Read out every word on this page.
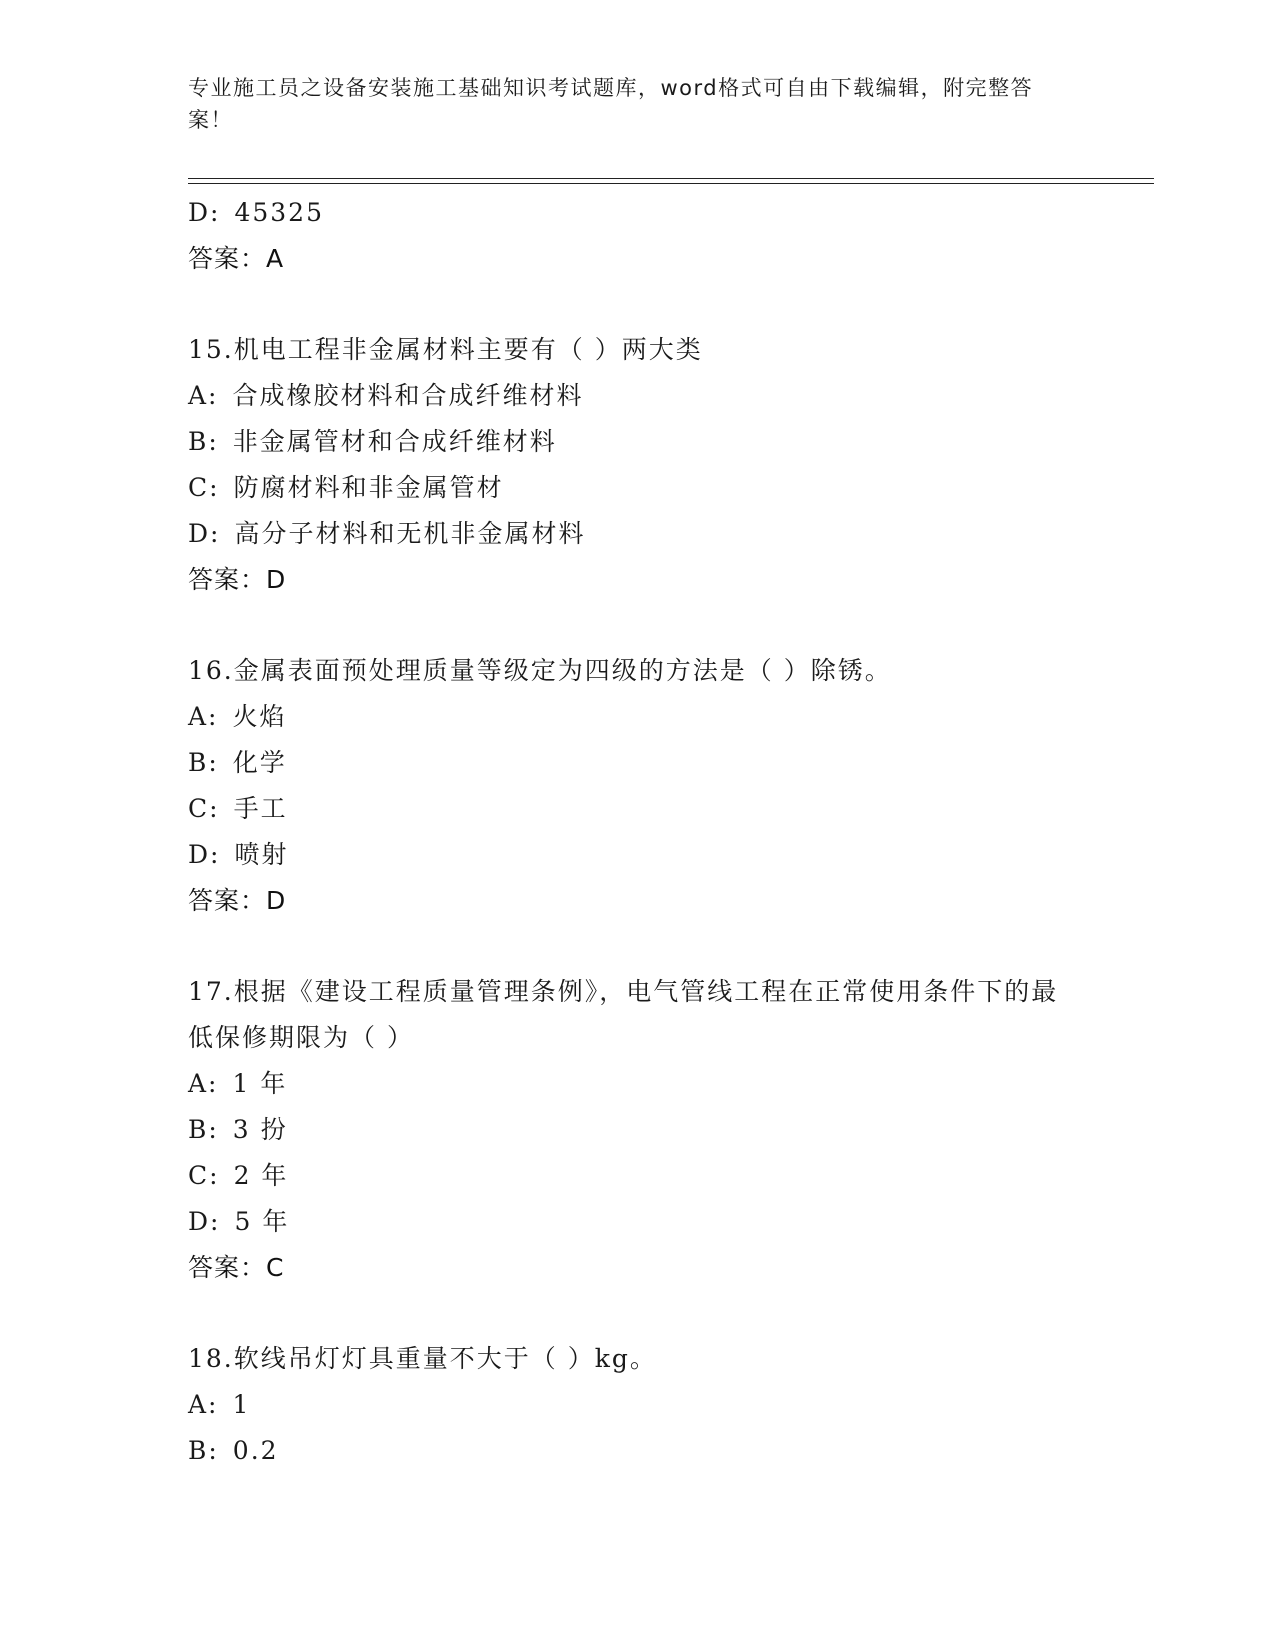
专业施工员之设备安装施工基础知识考试题库，word格式可自由下载编辑，附完整答案！
D: 45325
答案：A
15.机电工程非金属材料主要有（ ）两大类
A: 合成橡胶材料和合成纤维材料
B: 非金属管材和合成纤维材料
C: 防腐材料和非金属管材
D: 高分子材料和无机非金属材料
答案：D
16.金属表面预处理质量等级定为四级的方法是（ ）除锈。
A: 火焰
B: 化学
C: 手工
D: 喷射
答案：D
17.根据《建设工程质量管理条例》，电气管线工程在正常使用条件下的最低保修期限为（ ）
A: 1 年
B: 3 扮
C: 2 年
D: 5 年
答案：C
18.软线吊灯灯具重量不大于（ ）kg。
A: 1
B: 0.2
